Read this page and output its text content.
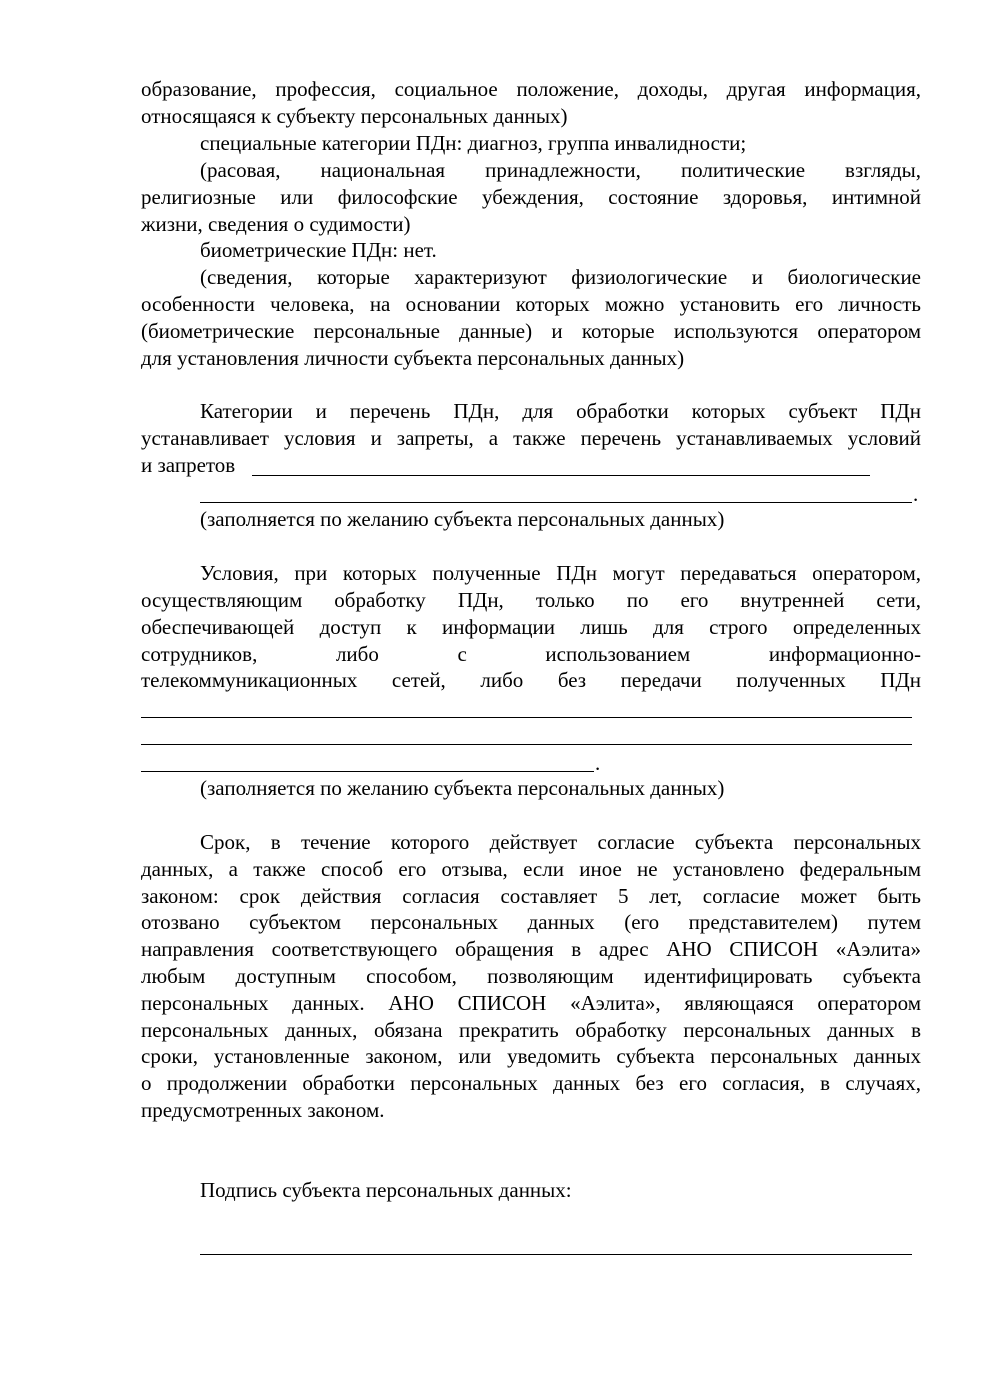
образование, профессия, социальное положение, доходы, другая информация,
относящаяся к субъекту персональных данных)
специальные категории ПДн: диагноз, группа инвалидности;
(расовая, национальная принадлежности, политические взгляды,
религиозные или философские убеждения, состояние здоровья, интимной
жизни, сведения о судимости)
биометрические ПДн: нет.
(сведения, которые характеризуют физиологические и биологические
особенности человека, на основании которых можно установить его личность
(биометрические персональные данные) и которые используются оператором
для установления личности субъекта персональных данных)
Категории и перечень ПДн, для обработки которых субъект ПДн
устанавливает условия и запреты, а также перечень устанавливаемых условий
и запретов
.
(заполняется по желанию субъекта персональных данных)
Условия, при которых полученные ПДн могут передаваться оператором,
осуществляющим обработку ПДн, только по его внутренней сети,
обеспечивающей доступ к информации лишь для строго определенных
сотрудников, либо с использованием информационно-
телекоммуникационных сетей, либо без передачи полученных ПДн
.
(заполняется по желанию субъекта персональных данных)
Срок, в течение которого действует согласие субъекта персональных
данных, а также способ его отзыва, если иное не установлено федеральным
законом: срок действия согласия составляет 5 лет, согласие может быть
отозвано субъектом персональных данных (его представителем) путем
направления соответствующего обращения в адрес АНО СПИСОН «Аэлита»
любым доступным способом, позволяющим идентифицировать субъекта
персональных данных. АНО СПИСОН «Аэлита», являющаяся оператором
персональных данных, обязана прекратить обработку персональных данных в
сроки, установленные законом, или уведомить субъекта персональных данных
о продолжении обработки персональных данных без его согласия, в случаях,
предусмотренных законом.
Подпись субъекта персональных данных:
